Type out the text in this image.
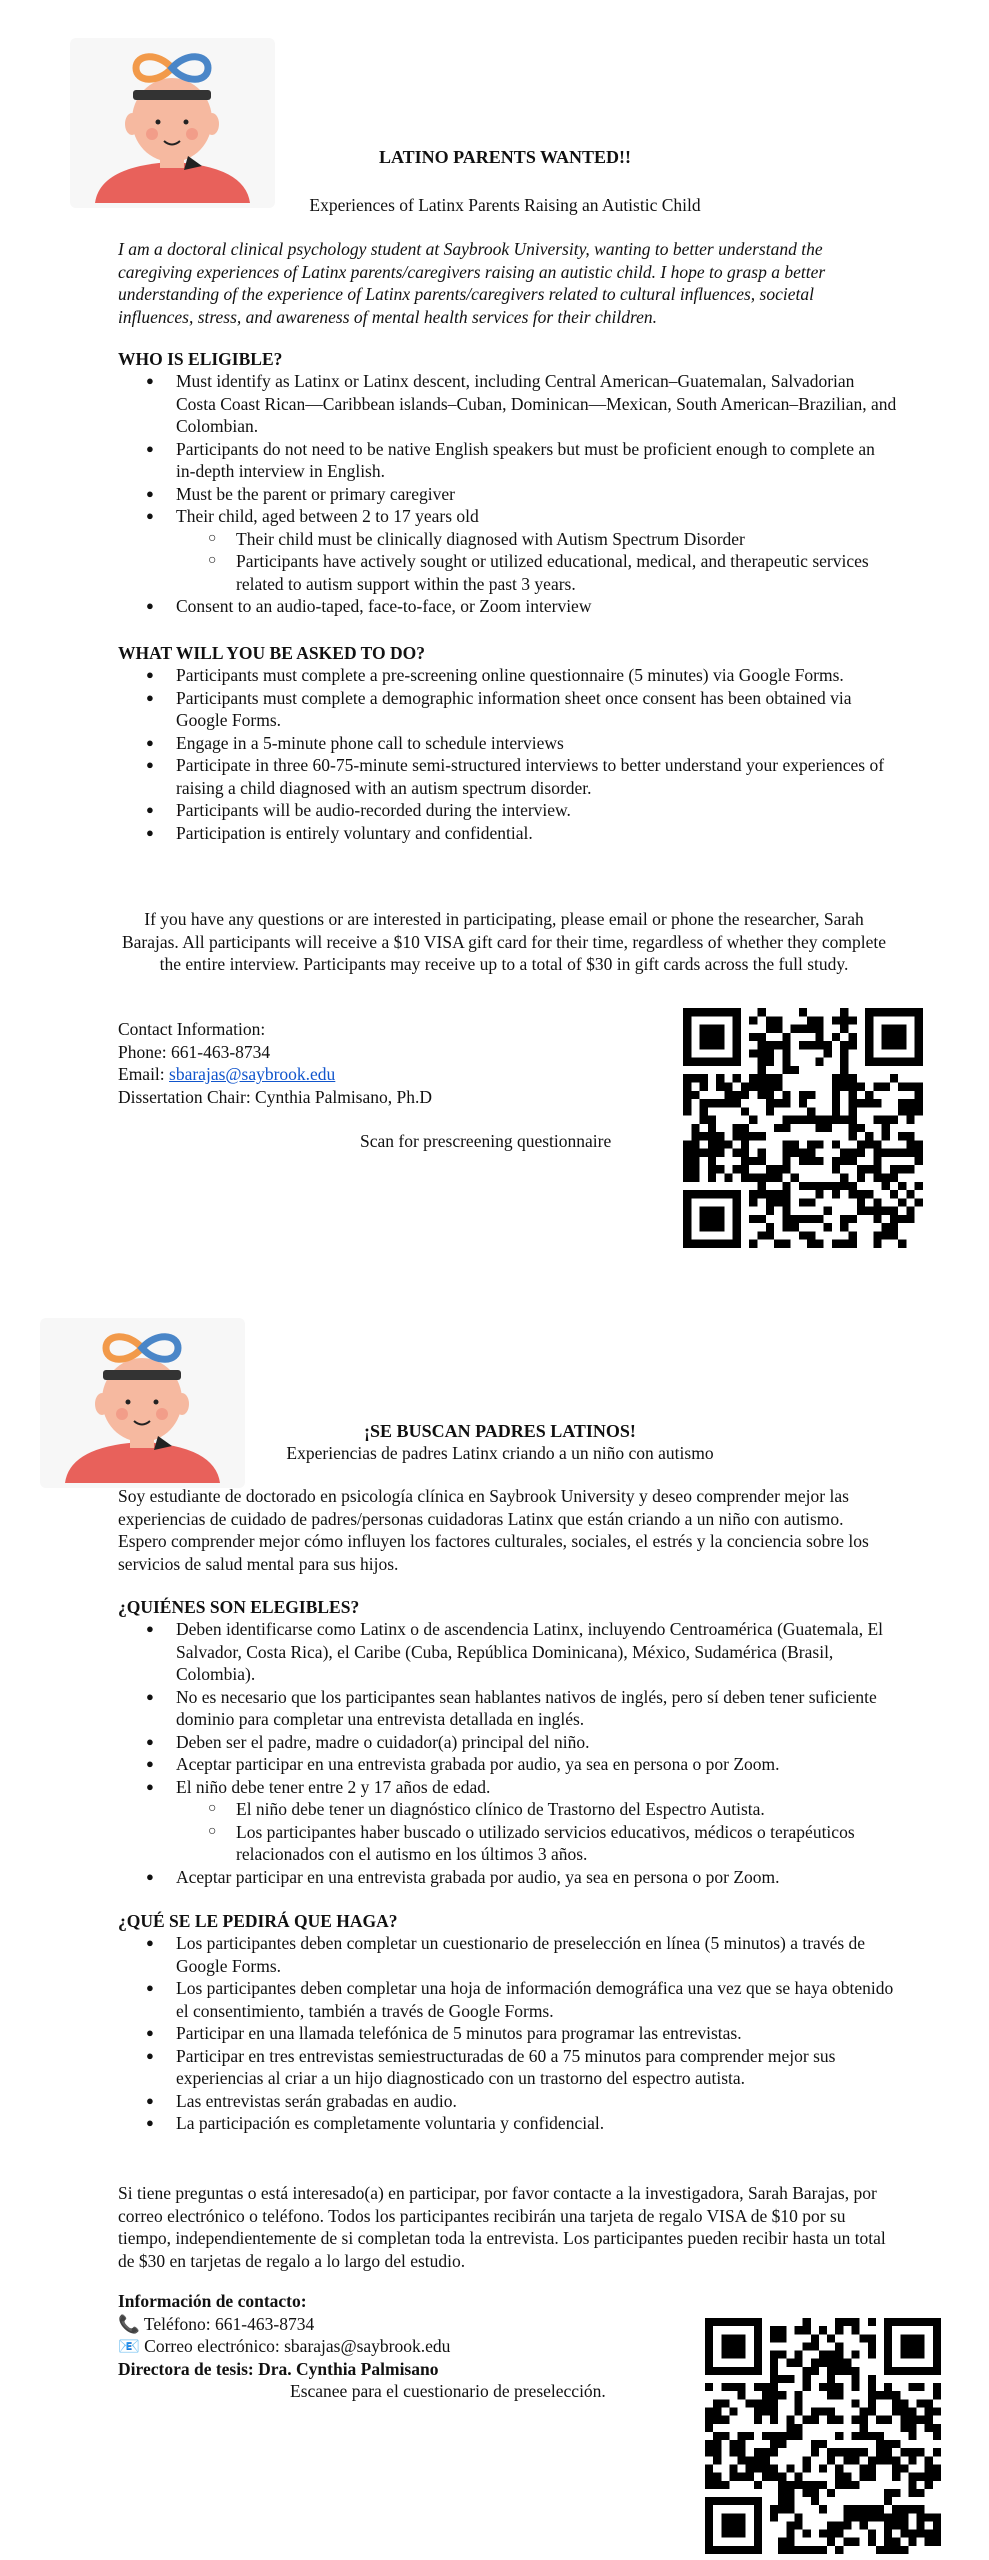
LATINO PARENTS WANTED!!
Experiences of Latinx Parents Raising an Autistic Child
I am a doctoral clinical psychology student at Saybrook University, wanting to better understand the caregiving experiences of Latinx parents/caregivers raising an autistic child. I hope to grasp a better understanding of the experience of Latinx parents/caregivers related to cultural influences, societal influences, stress, and awareness of mental health services for their children.
WHO IS ELIGIBLE?
● Must identify as Latinx or Latinx descent, including Central American–Guatemalan, Salvadorian Costa Coast Rican—Caribbean islands–Cuban, Dominican—Mexican, South American–Brazilian, and Colombian.
● Participants do not need to be native English speakers but must be proficient enough to complete an in-depth interview in English.
● Must be the parent or primary caregiver
● Their child, aged between 2 to 17 years old
○ Their child must be clinically diagnosed with Autism Spectrum Disorder
○ Participants have actively sought or utilized educational, medical, and therapeutic services related to autism support within the past 3 years.
● Consent to an audio-taped, face-to-face, or Zoom interview
WHAT WILL YOU BE ASKED TO DO?
● Participants must complete a pre-screening online questionnaire (5 minutes) via Google Forms.
● Participants must complete a demographic information sheet once consent has been obtained via Google Forms.
● Engage in a 5-minute phone call to schedule interviews
● Participate in three 60-75-minute semi-structured interviews to better understand your experiences of raising a child diagnosed with an autism spectrum disorder.
● Participants will be audio-recorded during the interview.
● Participation is entirely voluntary and confidential.
If you have any questions or are interested in participating, please email or phone the researcher, Sarah Barajas. All participants will receive a $10 VISA gift card for their time, regardless of whether they complete the entire interview. Participants may receive up to a total of $30 in gift cards across the full study.
Contact Information:
Phone: 661-463-8734
Email: sbarajas@saybrook.edu
Dissertation Chair: Cynthia Palmisano, Ph.D
Scan for prescreening questionnaire
¡SE BUSCAN PADRES LATINOS!
Experiencias de padres Latinx criando a un niño con autismo
Soy estudiante de doctorado en psicología clínica en Saybrook University y deseo comprender mejor las experiencias de cuidado de padres/personas cuidadoras Latinx que están criando a un niño con autismo. Espero comprender mejor cómo influyen los factores culturales, sociales, el estrés y la conciencia sobre los servicios de salud mental para sus hijos.
¿QUIÉNES SON ELEGIBLES?
● Deben identificarse como Latinx o de ascendencia Latinx, incluyendo Centroamérica (Guatemala, El Salvador, Costa Rica), el Caribe (Cuba, República Dominicana), México, Sudamérica (Brasil, Colombia).
● No es necesario que los participantes sean hablantes nativos de inglés, pero sí deben tener suficiente dominio para completar una entrevista detallada en inglés.
● Deben ser el padre, madre o cuidador(a) principal del niño.
● Aceptar participar en una entrevista grabada por audio, ya sea en persona o por Zoom.
● El niño debe tener entre 2 y 17 años de edad.
○ El niño debe tener un diagnóstico clínico de Trastorno del Espectro Autista.
○ Los participantes haber buscado o utilizado servicios educativos, médicos o terapéuticos relacionados con el autismo en los últimos 3 años.
● Aceptar participar en una entrevista grabada por audio, ya sea en persona o por Zoom.
¿QUÉ SE LE PEDIRÁ QUE HAGA?
● Los participantes deben completar un cuestionario de preselección en línea (5 minutos) a través de Google Forms.
● Los participantes deben completar una hoja de información demográfica una vez que se haya obtenido el consentimiento, también a través de Google Forms.
● Participar en una llamada telefónica de 5 minutos para programar las entrevistas.
● Participar en tres entrevistas semiestructuradas de 60 a 75 minutos para comprender mejor sus experiencias al criar a un hijo diagnosticado con un trastorno del espectro autista.
● Las entrevistas serán grabadas en audio.
● La participación es completamente voluntaria y confidencial.
Si tiene preguntas o está interesado(a) en participar, por favor contacte a la investigadora, Sarah Barajas, por correo electrónico o teléfono. Todos los participantes recibirán una tarjeta de regalo VISA de $10 por su tiempo, independientemente de si completan toda la entrevista. Los participantes pueden recibir hasta un total de $30 en tarjetas de regalo a lo largo del estudio.
Información de contacto:
📞 Teléfono: 661-463-8734
📧 Correo electrónico: sbarajas@saybrook.edu
Directora de tesis: Dra. Cynthia Palmisano
Escanee para el cuestionario de preselección.
